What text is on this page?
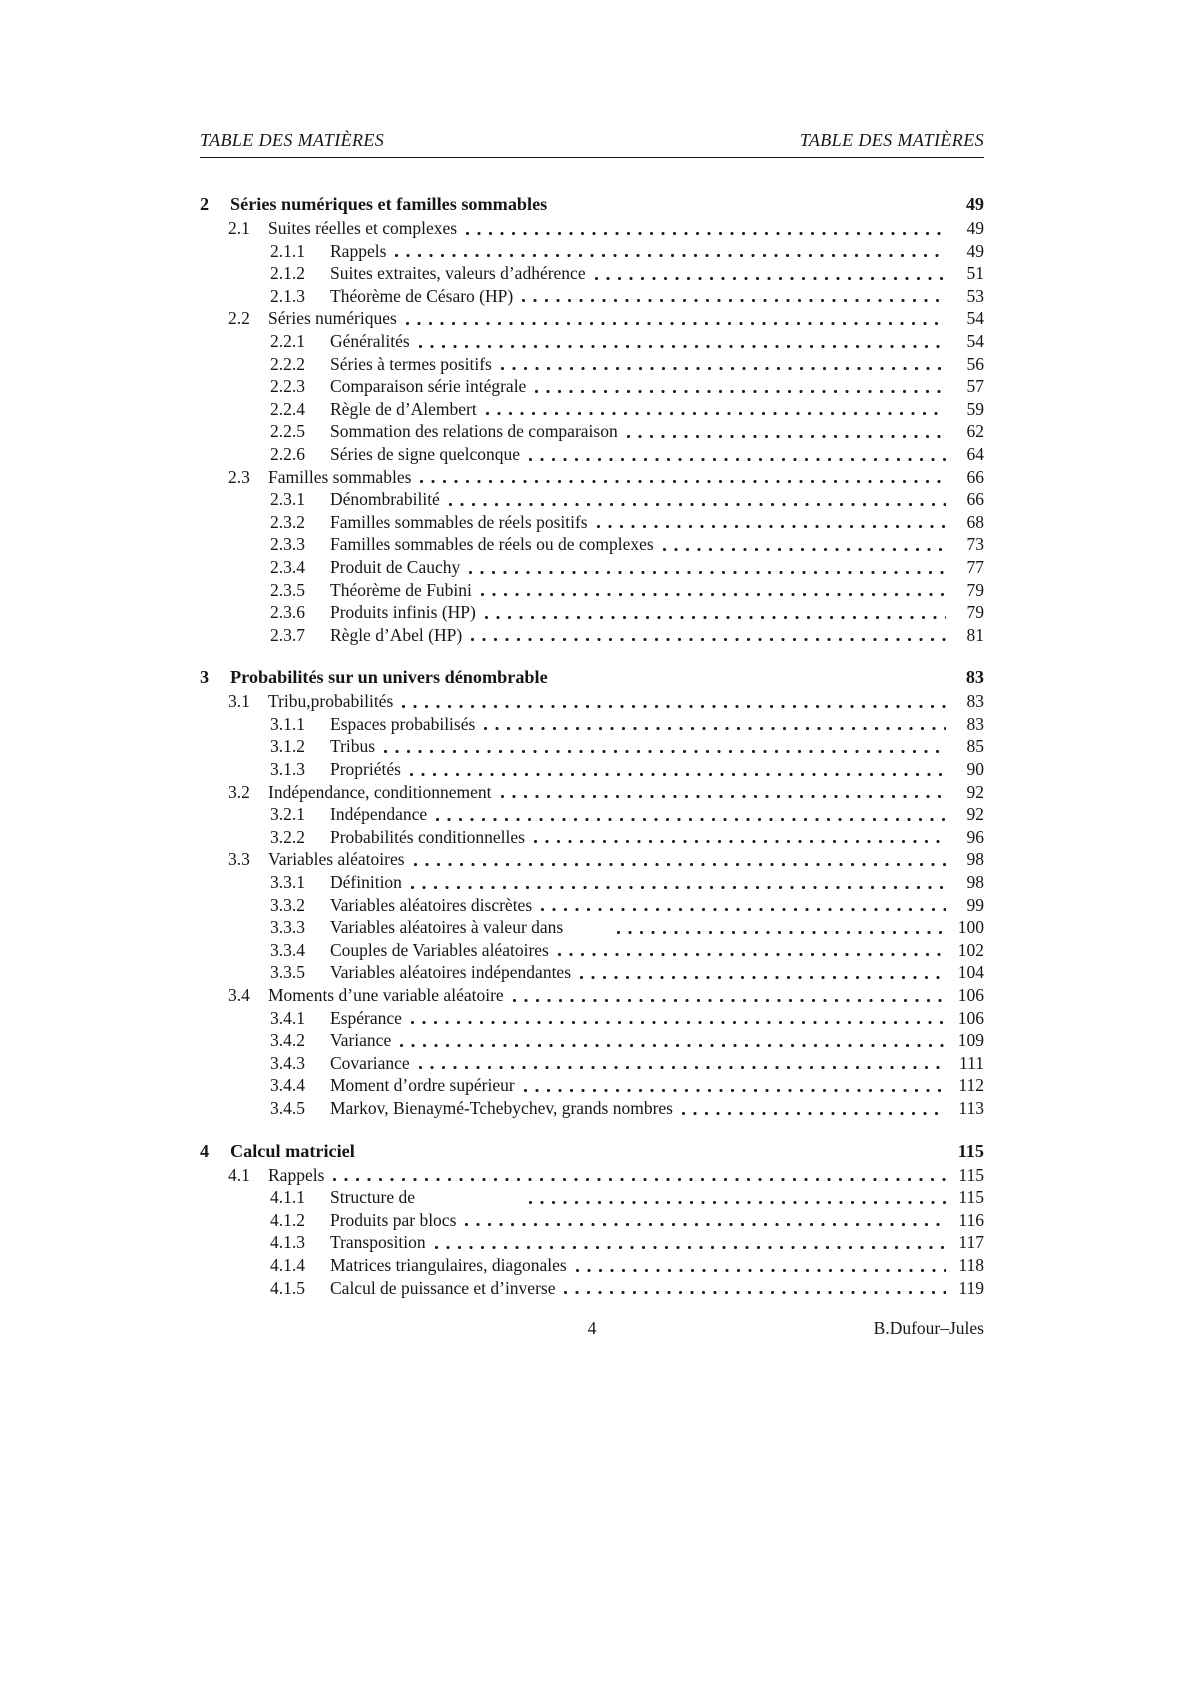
TABLE DES MATIÈRES	TABLE DES MATIÈRES
2	Séries numériques et familles sommables	49
2.1	Suites réelles et complexes	49
2.1.1	Rappels	49
2.1.2	Suites extraites, valeurs d’adhérence	51
2.1.3	Théorème de Césaro (HP)	53
2.2	Séries numériques	54
2.2.1	Généralités	54
2.2.2	Séries à termes positifs	56
2.2.3	Comparaison série intégrale	57
2.2.4	Règle de d’Alembert	59
2.2.5	Sommation des relations de comparaison	62
2.2.6	Séries de signe quelconque	64
2.3	Familles sommables	66
2.3.1	Dénombrabilité	66
2.3.2	Familles sommables de réels positifs	68
2.3.3	Familles sommables de réels ou de complexes	73
2.3.4	Produit de Cauchy	77
2.3.5	Théorème de Fubini	79
2.3.6	Produits infinis (HP)	79
2.3.7	Règle d’Abel (HP)	81
3	Probabilités sur un univers dénombrable	83
3.1	Tribu,probabilités	83
3.1.1	Espaces probabilisés	83
3.1.2	Tribus	85
3.1.3	Propriétés	90
3.2	Indépendance, conditionnement	92
3.2.1	Indépendance	92
3.2.2	Probabilités conditionnelles	96
3.3	Variables aléatoires	98
3.3.1	Définition	98
3.3.2	Variables aléatoires discrètes	99
3.3.3	Variables aléatoires à valeur dans	100
3.3.4	Couples de Variables aléatoires	102
3.3.5	Variables aléatoires indépendantes	104
3.4	Moments d’une variable aléatoire	106
3.4.1	Espérance	106
3.4.2	Variance	109
3.4.3	Covariance	111
3.4.4	Moment d’ordre supérieur	112
3.4.5	Markov, Bienaymé-Tchebychev, grands nombres	113
4	Calcul matriciel	115
4.1	Rappels	115
4.1.1	Structure de	115
4.1.2	Produits par blocs	116
4.1.3	Transposition	117
4.1.4	Matrices triangulaires, diagonales	118
4.1.5	Calcul de puissance et d’inverse	119
4	B.Dufour–Jules
